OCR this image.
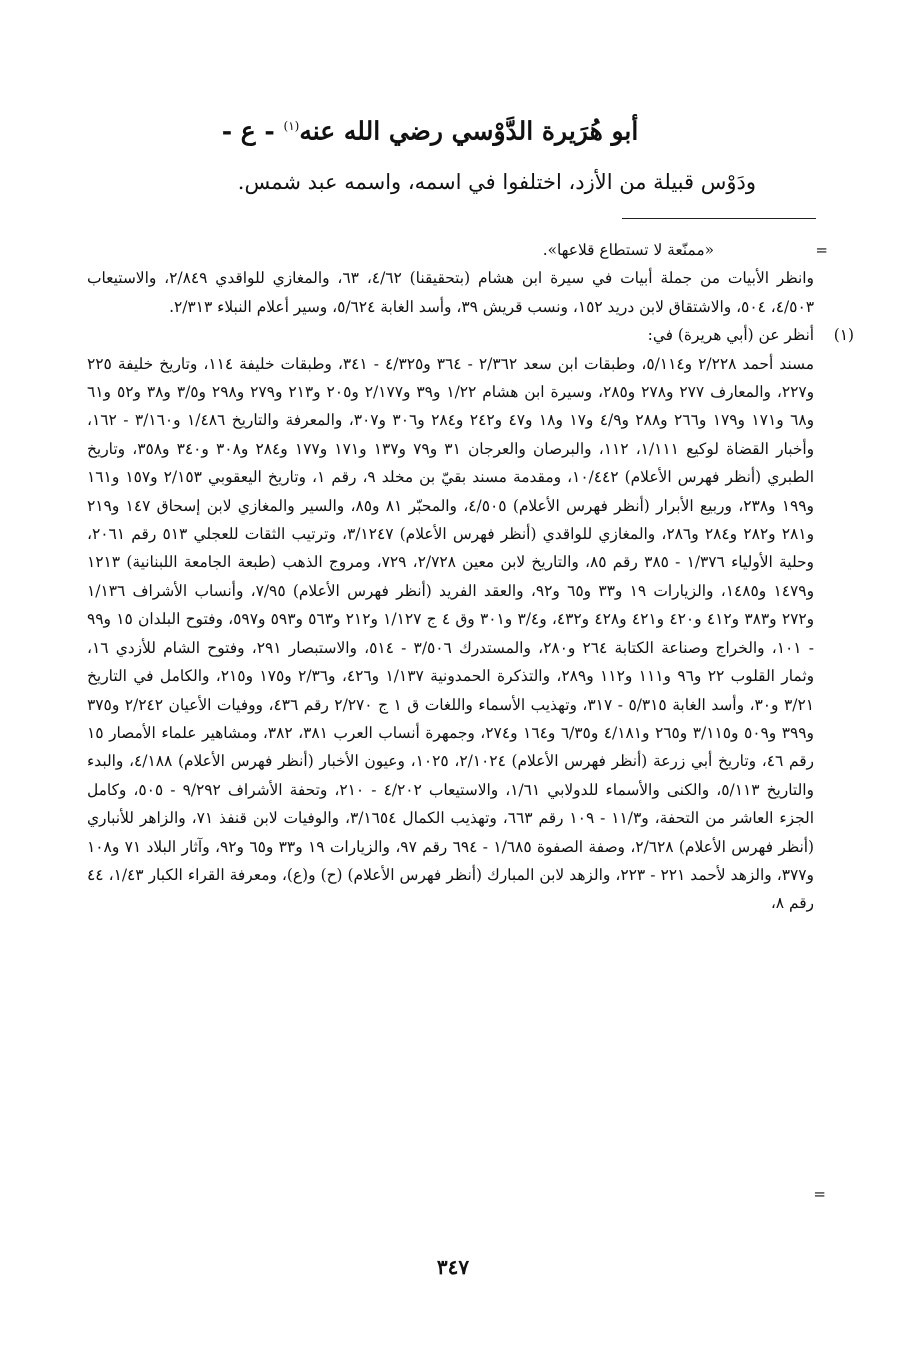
أبو هُرَيرة الدَّوْسي رضي الله عنه$^{(١)}$ - ع -
ودَوْس قبيلة من الأزد، اختلفوا في اسمه، واسمه عبد شمس.
=

«ممنّعة لا تستطاع قلاعها».

وانظر الأبيات من جملة أبيات في سيرة ابن هشام (بتحقيقنا) ٤/٦٢، ٦٣، والمغازي للواقدي ٢/٨٤٩، والاستيعاب ٤/٥٠٣، ٥٠٤، والاشتقاق لابن دريد ١٥٢، ونسب قريش ٣٩، وأسد الغابة ٥/٦٢٤، وسير أعلام النبلاء ٢/٣١٣.

(١)

أنظر عن (أبي هريرة) في:

مسند أحمد ٢/٢٢٨ و٥/١١٤، وطبقات ابن سعد ٢/٣٦٢ - ٣٦٤ و٤/٣٢٥ - ٣٤١، وطبقات خليفة ١١٤، وتاريخ خليفة ٢٢٥ و٢٢٧، والمعارف ٢٧٧ و٢٧٨ و٢٨٥، وسيرة ابن هشام ١/٢٢ و٣٩ و٢/١٧٧ و٢٠٥ و٢١٣ و٢٧٩ و٢٩٨ و٣/٥ و٣٨ و٥٢ و٦١ و٦٨ و١٧١ و١٧٩ و٢٦٦ و٢٨٨ و٤/٩ و١٧ و١٨ و٤٧ و٢٤٢ و٢٨٤ و٣٠٦ و٣٠٧، والمعرفة والتاريخ ١/٤٨٦ و٣/١٦٠ - ١٦٢، وأخبار القضاة لوكيع ١/١١١، ١١٢، والبرصان والعرجان ٣١ و٧٩ و١٣٧ و١٧١ و١٧٧ و٢٨٤ و٣٠٨ و٣٤٠ و٣٥٨، وتاريخ الطبري (أنظر فهرس الأعلام) ١٠/٤٤٢، ومقدمة مسند بقيّ بن مخلد ٩، رقم ١، وتاريخ اليعقوبي ٢/١٥٣ و١٥٧ و١٦١ و١٩٩ و٢٣٨، وربيع الأبرار (أنظر فهرس الأعلام) ٤/٥٠٥، والمحبّر ٨١ و٨٥، والسير والمغازي لابن إسحاق ١٤٧ و٢١٩ و٢٨١ و٢٨٢ و٢٨٤ و٢٨٦، والمغازي للواقدي (أنظر فهرس الأعلام) ٣/١٢٤٧، وترتيب الثقات للعجلي ٥١٣ رقم ٢٠٦١، وحلية الأولياء ١/٣٧٦ - ٣٨٥ رقم ٨٥، والتاريخ لابن معين ٢/٧٢٨، ٧٢٩، ومروج الذهب (طبعة الجامعة اللبنانية) ١٢١٣ و١٤٧٩ و١٤٨٥، والزيارات ١٩ و٣٣ و٦٥ و٩٢، والعقد الفريد (أنظر فهرس الأعلام) ٧/٩٥، وأنساب الأشراف ١/١٣٦ و٢٧٢ و٣٨٣ و٤١٢ و٤٢٠ و٤٢١ و٤٢٨ و٤٣٢، و٣/٤ و٣٠١ وق ٤ ج ١/١٢٧ و٢١٢ و٥٦٣ و٥٩٣ و٥٩٧، وفتوح البلدان ١٥ و٩٩ - ١٠١، والخراج وصناعة الكتابة ٢٦٤ و٢٨٠، والمستدرك ٣/٥٠٦ - ٥١٤، والاستبصار ٢٩١، وفتوح الشام للأزدي ١٦، وثمار القلوب ٢٢ و٩٦ و١١١ و١١٢ و٢٨٩، والتذكرة الحمدونية ١/١٣٧ و٤٢٦، و٢/٣٦ و١٧٥ و٢١٥، والكامل في التاريخ ٣/٢١ و٣٠، وأسد الغابة ٥/٣١٥ - ٣١٧، وتهذيب الأسماء واللغات ق ١ ج ٢/٢٧٠ رقم ٤٣٦، ووفيات الأعيان ٢/٢٤٢ و٣٧٥ و٣٩٩ و٥٠٩ و٣/١١٥ و٢٦٥ و٤/١٨١ و٦/٣٥ و١٦٤ و٢٧٤، وجمهرة أنساب العرب ٣٨١، ٣٨٢، ومشاهير علماء الأمصار ١٥ رقم ٤٦، وتاريخ أبي زرعة (أنظر فهرس الأعلام) ٢/١٠٢٤، ١٠٢٥، وعيون الأخبار (أنظر فهرس الأعلام) ٤/١٨٨، والبدء والتاريخ ٥/١١٣، والكنى والأسماء للدولابي ١/٦١، والاستيعاب ٤/٢٠٢ - ٢١٠، وتحفة الأشراف ٩/٢٩٢ - ٥٠٥، وكامل الجزء العاشر من التحفة، و١١/٣ - ١٠٩ رقم ٦٦٣، وتهذيب الكمال ٣/١٦٥٤، والوفيات لابن قنفذ ٧١، والزاهر للأنباري (أنظر فهرس الأعلام) ٢/٦٢٨، وصفة الصفوة ١/٦٨٥ - ٦٩٤ رقم ٩٧، والزيارات ١٩ و٣٣ و٦٥ و٩٢، وآثار البلاد ٧١ و١٠٨ و٣٧٧، والزهد لأحمد ٢٢١ - ٢٢٣، والزهد لابن المبارك (أنظر فهرس الأعلام) (ح) و(ع)، ومعرفة القراء الكبار ١/٤٣، ٤٤ رقم ٨،

=
٣٤٧
